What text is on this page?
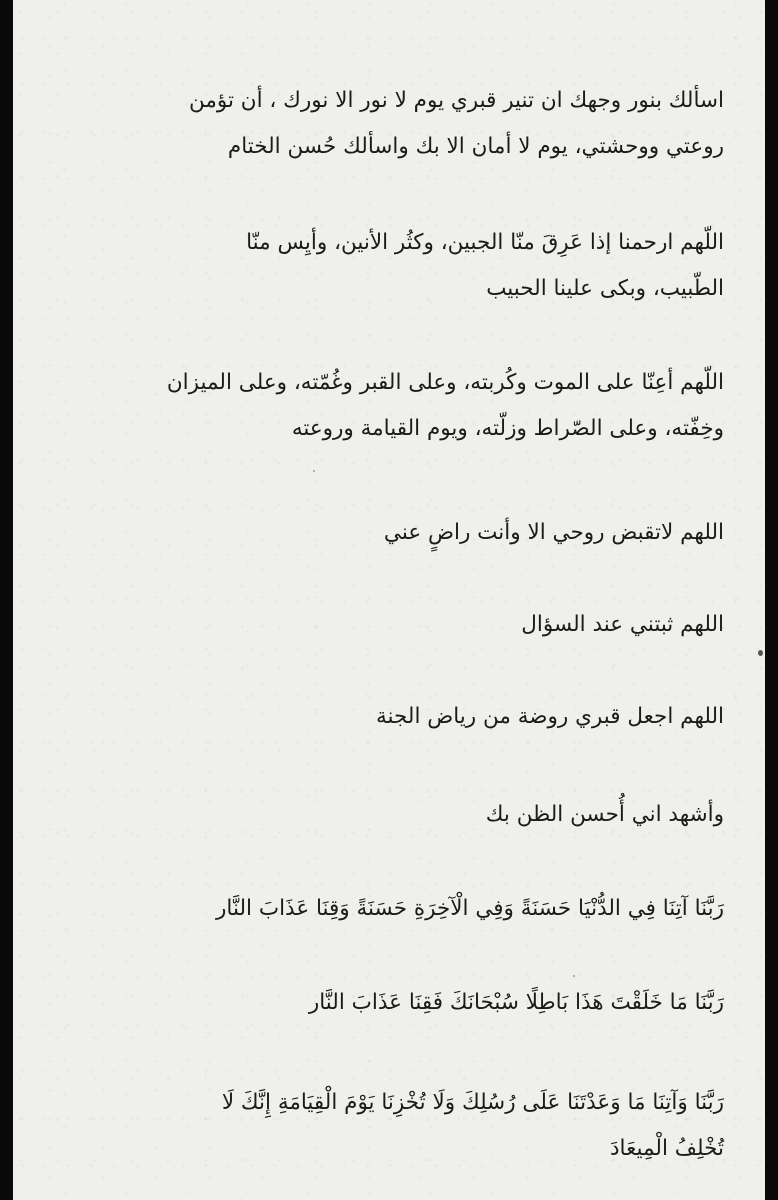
اسألك بنور وجهك ان تنير قبري يوم لا نور الا نورك ، أن تؤمن
روعتي ووحشتي، يوم لا أمان الا بك واسألك حُسن الختام
اللّهم ارحمنا إذا عَرِقَ منّا الجبين، وكثُر الأنين، وأيِس منّا
الطّبيب، وبكى علينا الحبيب
اللّهم أعِنّا على الموت وكُربته، وعلى القبر وغُمّته، وعلى الميزان
وخِفّته، وعلى الصّراط وزلّته، ويوم القيامة وروعته
اللهم لاتقبض روحي الا وأنت راضٍ عني
اللهم ثبتني عند السؤال
اللهم اجعل قبري روضة من رياض الجنة
وأشهد اني أُحسن الظن بك
رَبَّنَا آتِنَا فِي الدُّنْيَا حَسَنَةً وَفِي الْآخِرَةِ حَسَنَةً وَقِنَا عَذَابَ النَّار
رَبَّنَا مَا خَلَقْتَ هَذَا بَاطِلًا سُبْحَانَكَ فَقِنَا عَذَابَ النَّار
رَبَّنَا وَآتِنَا مَا وَعَدْتَنَا عَلَى رُسُلِكَ وَلَا تُخْزِنَا يَوْمَ الْقِيَامَةِ إِنَّكَ لَا
تُخْلِفُ الْمِيعَادَ
